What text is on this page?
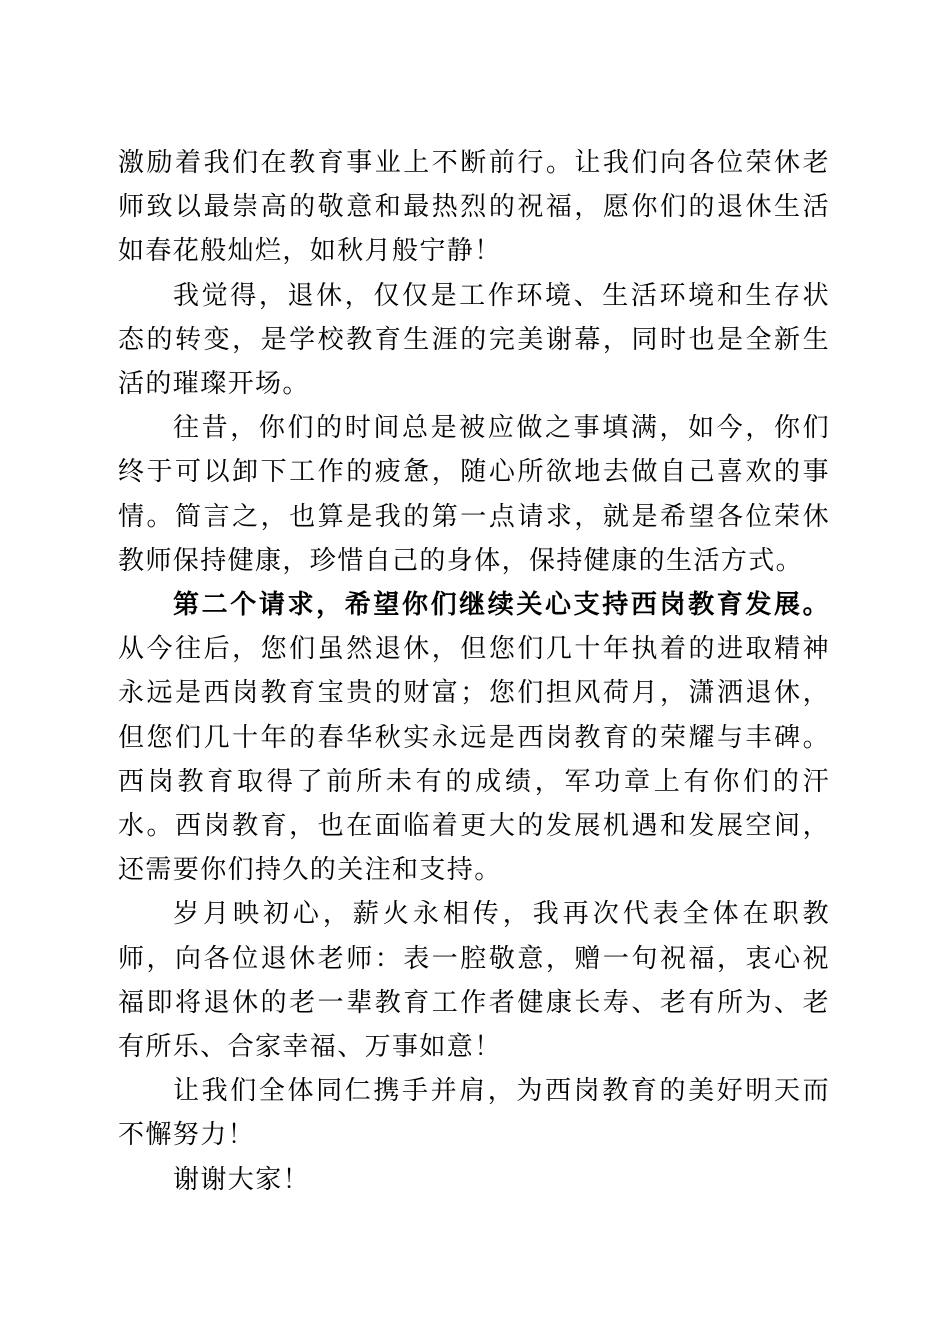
激励着我们在教育事业上不断前行。让我们向各位荣休老师致以最崇高的敬意和最热烈的祝福，愿你们的退休生活如春花般灿烂，如秋月般宁静！

我觉得，退休，仅仅是工作环境、生活环境和生存状态的转变，是学校教育生涯的完美谢幕，同时也是全新生活的璀璨开场。

往昔，你们的时间总是被应做之事填满，如今，你们终于可以卸下工作的疲惫，随心所欲地去做自己喜欢的事情。简言之，也算是我的第一点请求，就是希望各位荣休教师保持健康，珍惜自己的身体，保持健康的生活方式。

第二个请求，希望你们继续关心支持西岗教育发展。从今往后，您们虽然退休，但您们几十年执着的进取精神永远是西岗教育宝贵的财富；您们担风荷月，潇洒退休，但您们几十年的春华秋实永远是西岗教育的荣耀与丰碑。西岗教育取得了前所未有的成绩，军功章上有你们的汗水。西岗教育，也在面临着更大的发展机遇和发展空间，还需要你们持久的关注和支持。

岁月映初心，薪火永相传，我再次代表全体在职教师，向各位退休老师：表一腔敬意，赠一句祝福，衷心祝福即将退休的老一辈教育工作者健康长寿、老有所为、老有所乐、合家幸福、万事如意！

让我们全体同仁携手并肩，为西岗教育的美好明天而不懈努力！

谢谢大家！
